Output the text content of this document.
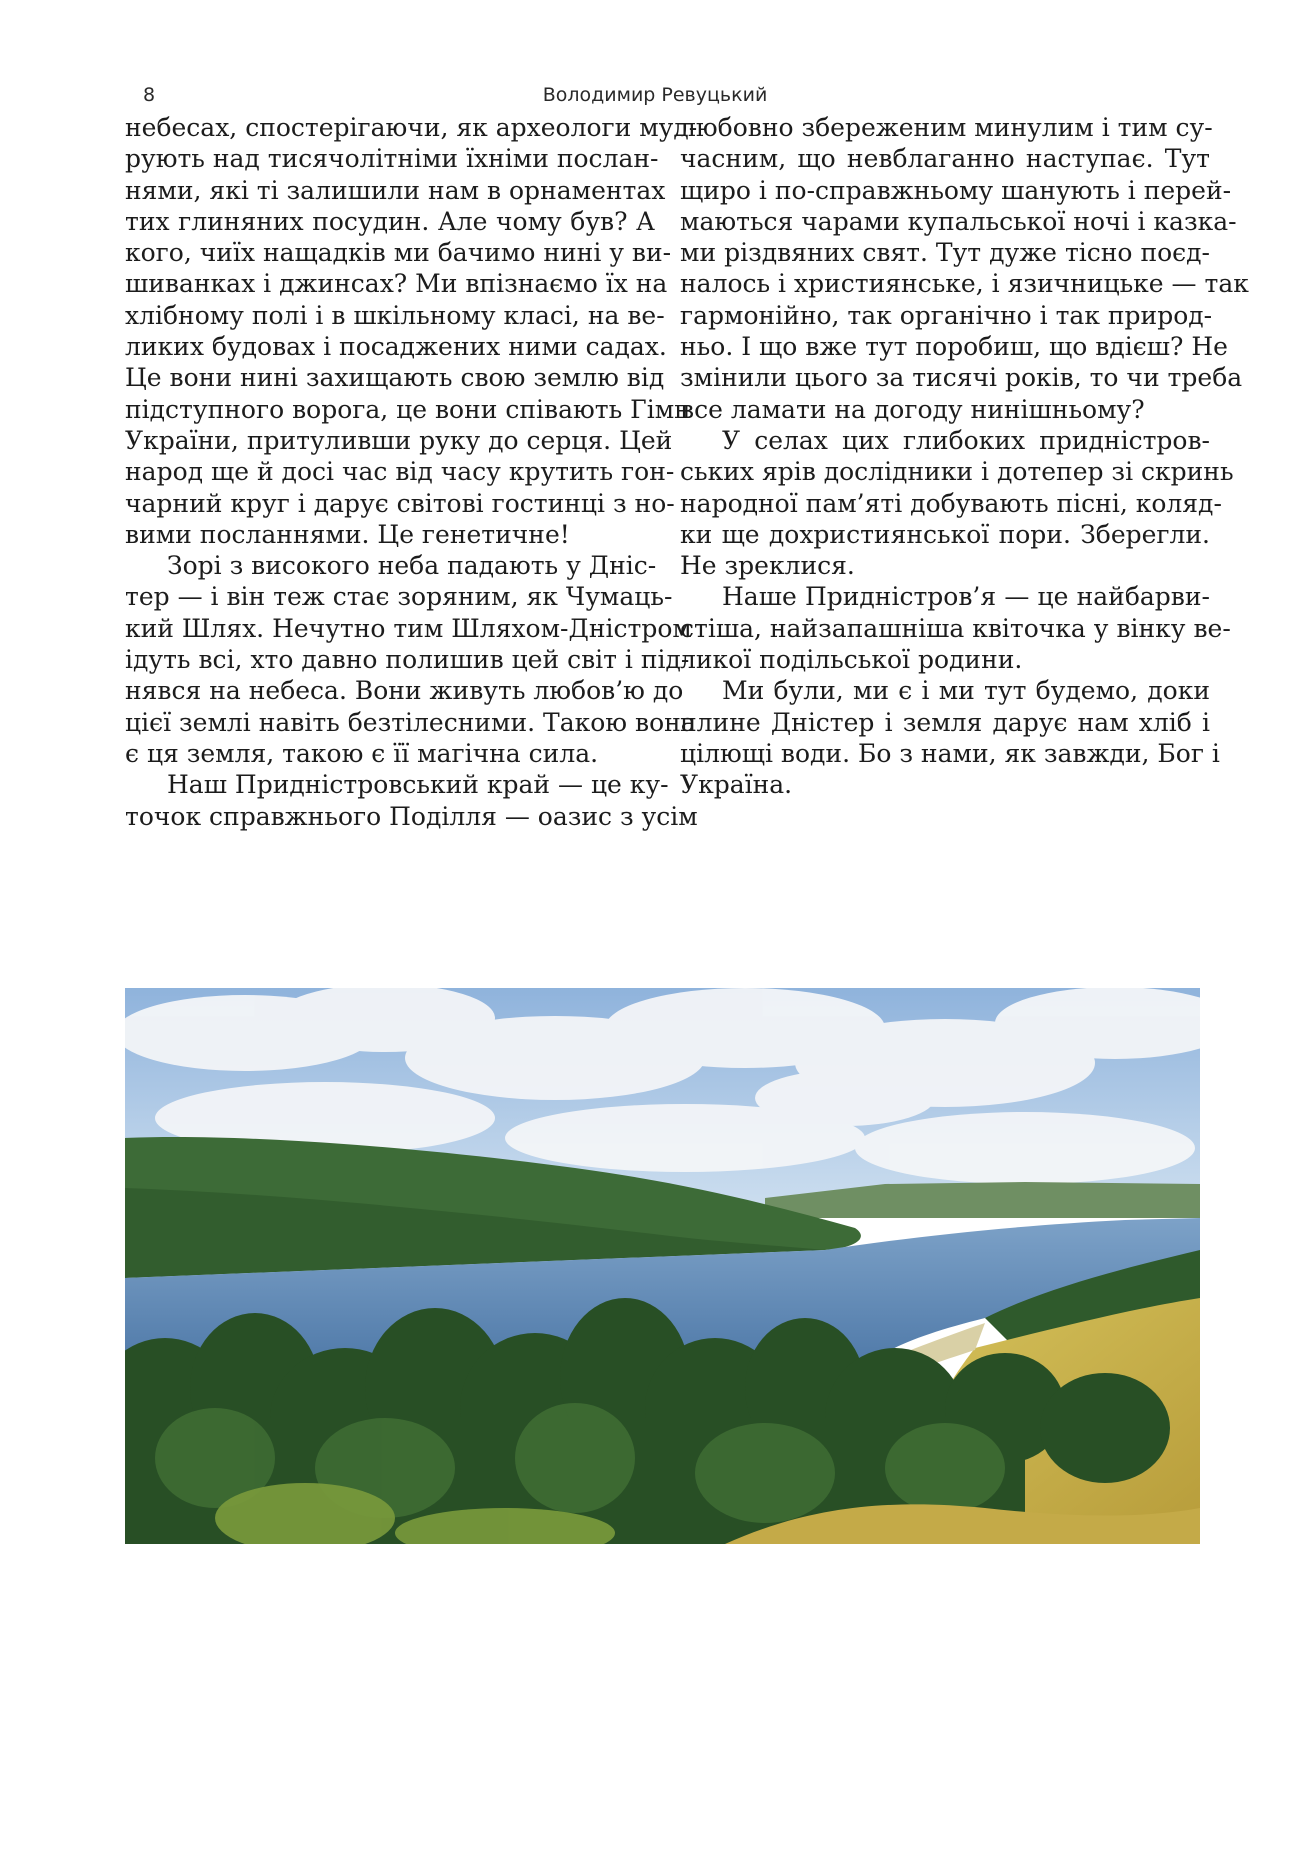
8	Володимир Ревуцький
небесах, спостерігаючи, як археологи муд-
рують над тисячолітніми їхніми послан-
нями, які ті залишили нам в орнаментах
тих глиняних посудин. Але чому був? А
кого, чиїх нащадків ми бачимо нині у ви-
шиванках і джинсах? Ми впізнаємо їх на
хлібному полі і в шкільному класі, на ве-
ликих будовах і посаджених ними садах.
Це вони нині захищають свою землю від
підступного ворога, це вони співають Гімн
України, притуливши руку до серця. Цей
народ ще й досі час від часу крутить гон-
чарний круг і дарує світові гостинці з но-
вими посланнями. Це генетичне!
Зорі з високого неба падають у Дніс-
тер — і він теж стає зоряним, як Чумаць-
кий Шлях. Нечутно тим Шляхом-Дністром
ідуть всі, хто давно полишив цей світ і під-
нявся на небеса. Вони живуть любов’ю до
цієї землі навіть безтілесними. Такою вона
є ця земля, такою є її магічна сила.
Наш Придністровський край — це ку-
точок справжнього Поділля — оазис з усім
любовно збереженим минулим і тим су-
часним, що невблаганно наступає. Тут
щиро і по-справжньому шанують і перей-
маються чарами купальської ночі і казка-
ми різдвяних свят. Тут дуже тісно поєд-
налось і християнське, і язичницьке — так
гармонійно, так органічно і так природ-
ньо. І що вже тут поробиш, що вдієш? Не
змінили цього за тисячі років, то чи треба
все ламати на догоду нинішньому?
У селах цих глибоких придністров-
ських ярів дослідники і дотепер зі скринь
народної пам’яті добувають пісні, коляд-
ки ще дохристиянської пори. Зберегли.
Не зреклися.
Наше Придністров’я — це найбарви-
стіша, найзапашніша квіточка у вінку ве-
ликої подільської родини.
Ми були, ми є і ми тут будемо, доки
плине Дністер і земля дарує нам хліб і
цілющі води. Бо з нами, як завжди, Бог і
Україна.
